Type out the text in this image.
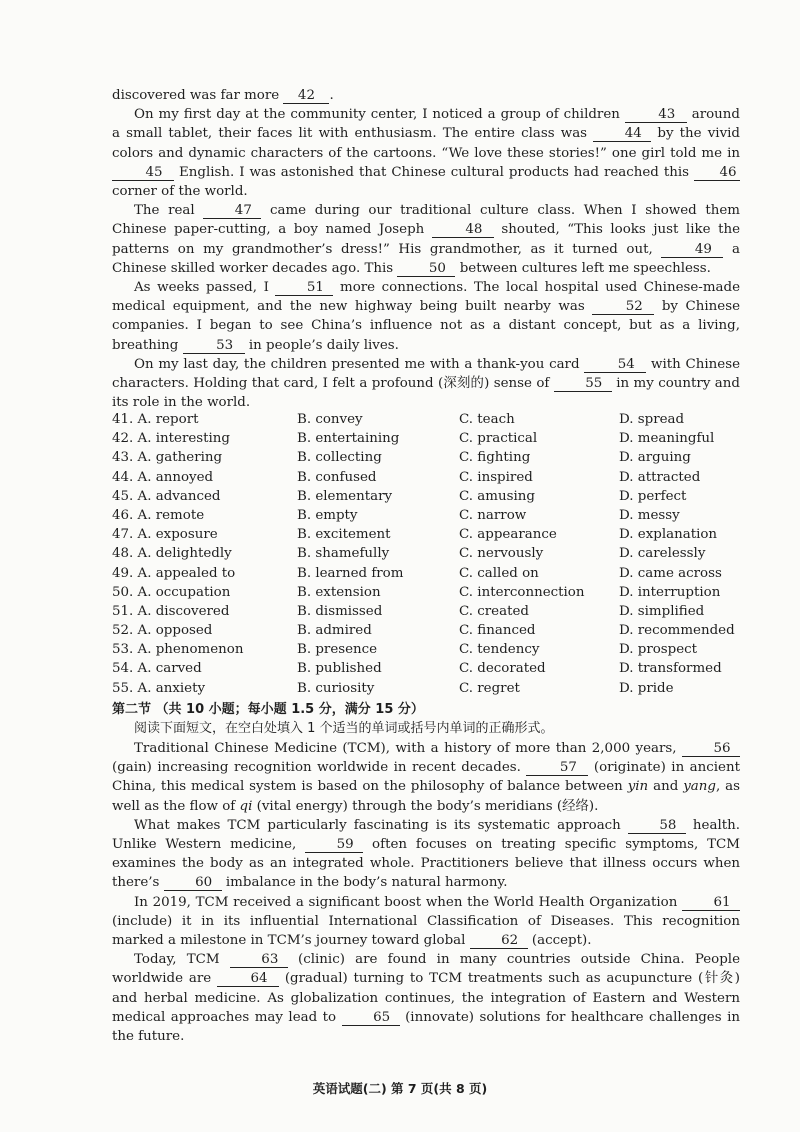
discovered was far more 42 .

On my first day at the community center, I noticed a group of children 43 around a small tablet, their faces lit with enthusiasm. The entire class was 44 by the vivid colors and dynamic characters of the cartoons. “We love these stories!” one girl told me in 45 English. I was astonished that Chinese cultural products had reached this 46 corner of the world.

The real 47 came during our traditional culture class. When I showed them Chinese paper-cutting, a boy named Joseph 48 shouted, “This looks just like the patterns on my grandmother’s dress!” His grandmother, as it turned out, 49 a Chinese skilled worker decades ago. This 50 between cultures left me speechless.

As weeks passed, I 51 more connections. The local hospital used Chinese-made medical equipment, and the new highway being built nearby was 52 by Chinese companies. I began to see China’s influence not as a distant concept, but as a living, breathing 53 in people’s daily lives.

On my last day, the children presented me with a thank-you card 54 with Chinese characters. Holding that card, I felt a profound (深刻的) sense of 55 in my country and its role in the world.

41. A. report	B. convey	C. teach	D. spread
42. A. interesting	B. entertaining	C. practical	D. meaningful
43. A. gathering	B. collecting	C. fighting	D. arguing
44. A. annoyed	B. confused	C. inspired	D. attracted
45. A. advanced	B. elementary	C. amusing	D. perfect
46. A. remote	B. empty	C. narrow	D. messy
47. A. exposure	B. excitement	C. appearance	D. explanation
48. A. delightedly	B. shamefully	C. nervously	D. carelessly
49. A. appealed to	B. learned from	C. called on	D. came across
50. A. occupation	B. extension	C. interconnection	D. interruption
51. A. discovered	B. dismissed	C. created	D. simplified
52. A. opposed	B. admired	C. financed	D. recommended
53. A. phenomenon	B. presence	C. tendency	D. prospect
54. A. carved	B. published	C. decorated	D. transformed
55. A. anxiety	B. curiosity	C. regret	D. pride
第二节 （共 10 小题；每小题 1.5 分，满分 15 分）
阅读下面短文，在空白处填入 1 个适当的单词或括号内单词的正确形式。

Traditional Chinese Medicine (TCM), with a history of more than 2,000 years, 56 (gain) increasing recognition worldwide in recent decades. 57 (originate) in ancient China, this medical system is based on the philosophy of balance between yin and yang, as well as the flow of qi (vital energy) through the body’s meridians (经络).

What makes TCM particularly fascinating is its systematic approach 58 health. Unlike Western medicine, 59 often focuses on treating specific symptoms, TCM examines the body as an integrated whole. Practitioners believe that illness occurs when there’s 60 imbalance in the body’s natural harmony.

In 2019, TCM received a significant boost when the World Health Organization 61 (include) it in its influential International Classification of Diseases. This recognition marked a milestone in TCM’s journey toward global 62 (accept).

Today, TCM 63 (clinic) are found in many countries outside China. People worldwide are 64 (gradual) turning to TCM treatments such as acupuncture (针灸) and herbal medicine. As globalization continues, the integration of Eastern and Western medical approaches may lead to 65 (innovate) solutions for healthcare challenges in the future.

英语试题(二) 第 7 页(共 8 页)
